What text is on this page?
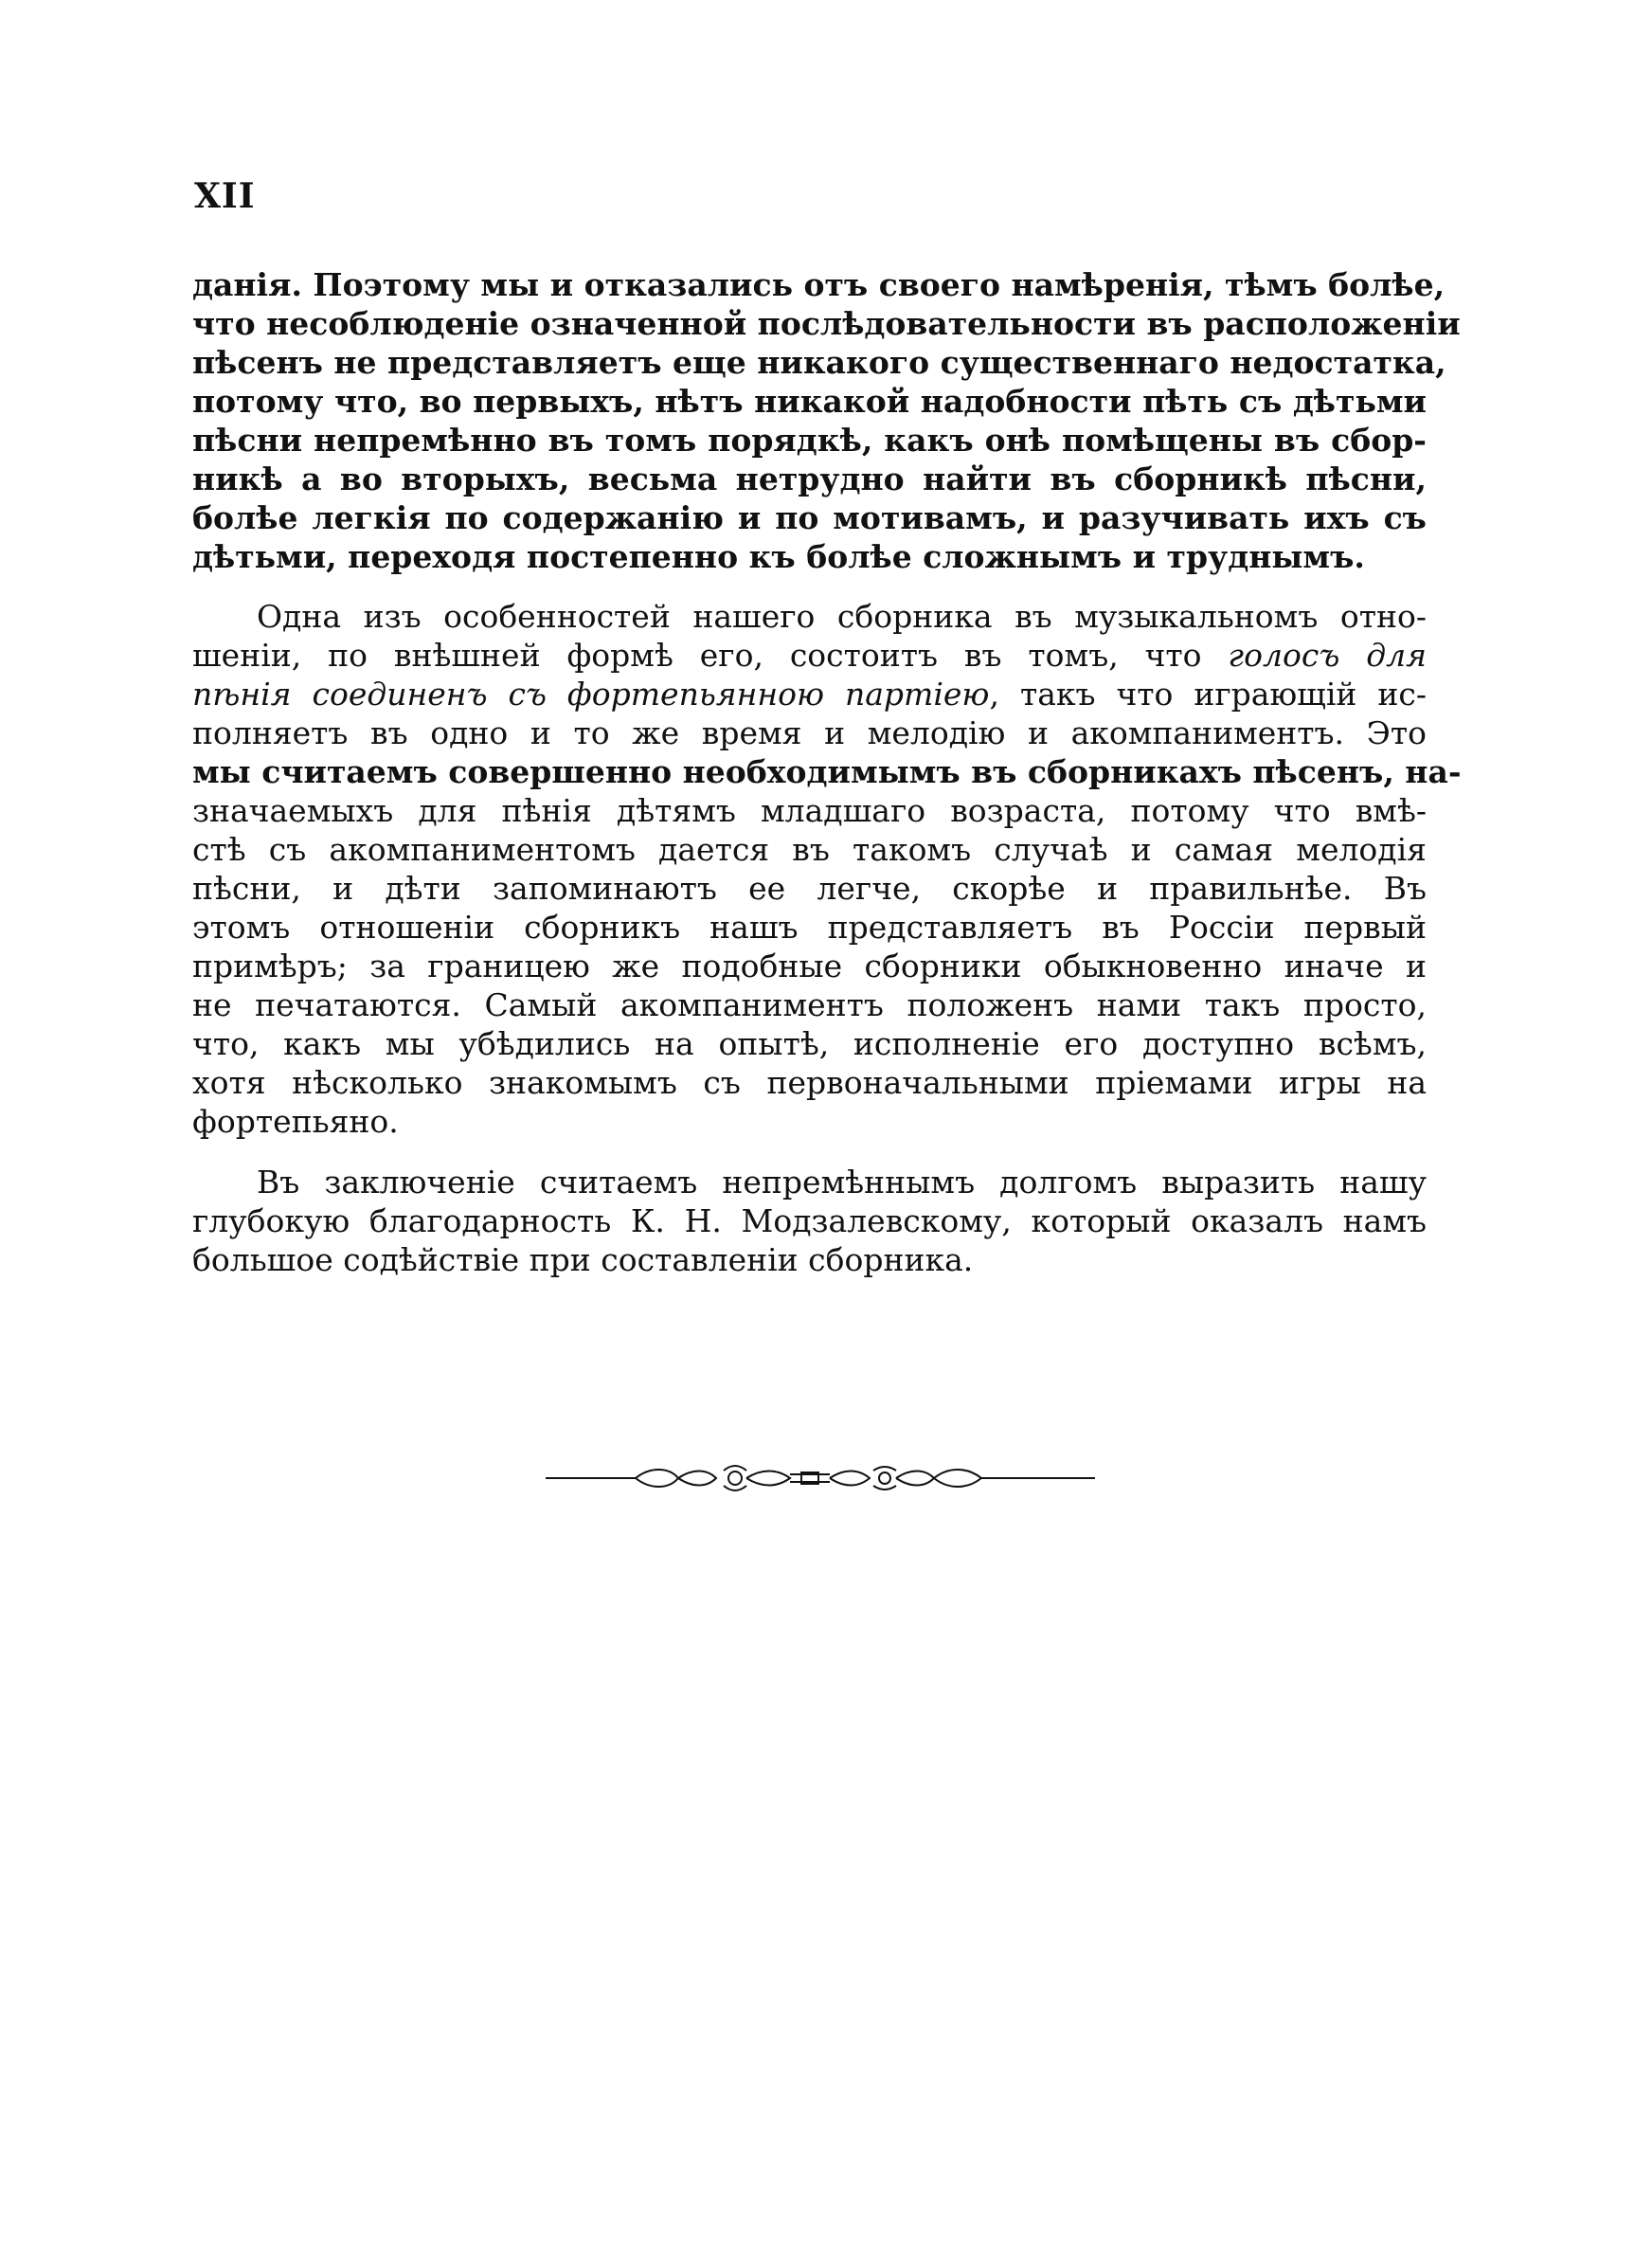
XII
данія. Поэтому мы и отказались отъ своего намѣренія, тѣмъ болѣе,
что несоблюденіе означенной послѣдовательности въ расположеніи
пѣсенъ не представляетъ еще никакого существеннаго недостатка,
потому что, во первыхъ, нѣтъ никакой надобности пѣть съ дѣтьми
пѣсни непремѣнно въ томъ порядкѣ, какъ онѣ помѣщены въ сбор-
никѣ а во вторыхъ, весьма нетрудно найти въ сборникѣ пѣсни,
болѣе легкія по содержанію и по мотивамъ, и разучивать ихъ съ
дѣтьми, переходя постепенно къ болѣе сложнымъ и труднымъ.
Одна изъ особенностей нашего сборника въ музыкальномъ отно-
шеніи, по внѣшней формѣ его, состоитъ въ томъ, что голосъ для
пѣнія соединенъ съ фортепьянною партіею, такъ что играющій ис-
полняетъ въ одно и то же время и мелодію и акомпаниментъ. Это
мы считаемъ совершенно необходимымъ въ сборникахъ пѣсенъ, на-
значаемыхъ для пѣнія дѣтямъ младшаго возраста, потому что вмѣ-
стѣ съ акомпаниментомъ дается въ такомъ случаѣ и самая мелодія
пѣсни, и дѣти запоминаютъ ее легче, скорѣе и правильнѣе. Въ
этомъ отношеніи сборникъ нашъ представляетъ въ Россіи первый
примѣръ; за границею же подобные сборники обыкновенно иначе и
не печатаются. Самый акомпаниментъ положенъ нами такъ просто,
что, какъ мы убѣдились на опытѣ, исполненіе его доступно всѣмъ,
хотя нѣсколько знакомымъ съ первоначальными пріемами игры на
фортепьяно.
Въ заключеніе считаемъ непремѣннымъ долгомъ выразить нашу
глубокую благодарность К. Н. Модзалевскому, который оказалъ намъ
большое содѣйствіе при составленіи сборника.
